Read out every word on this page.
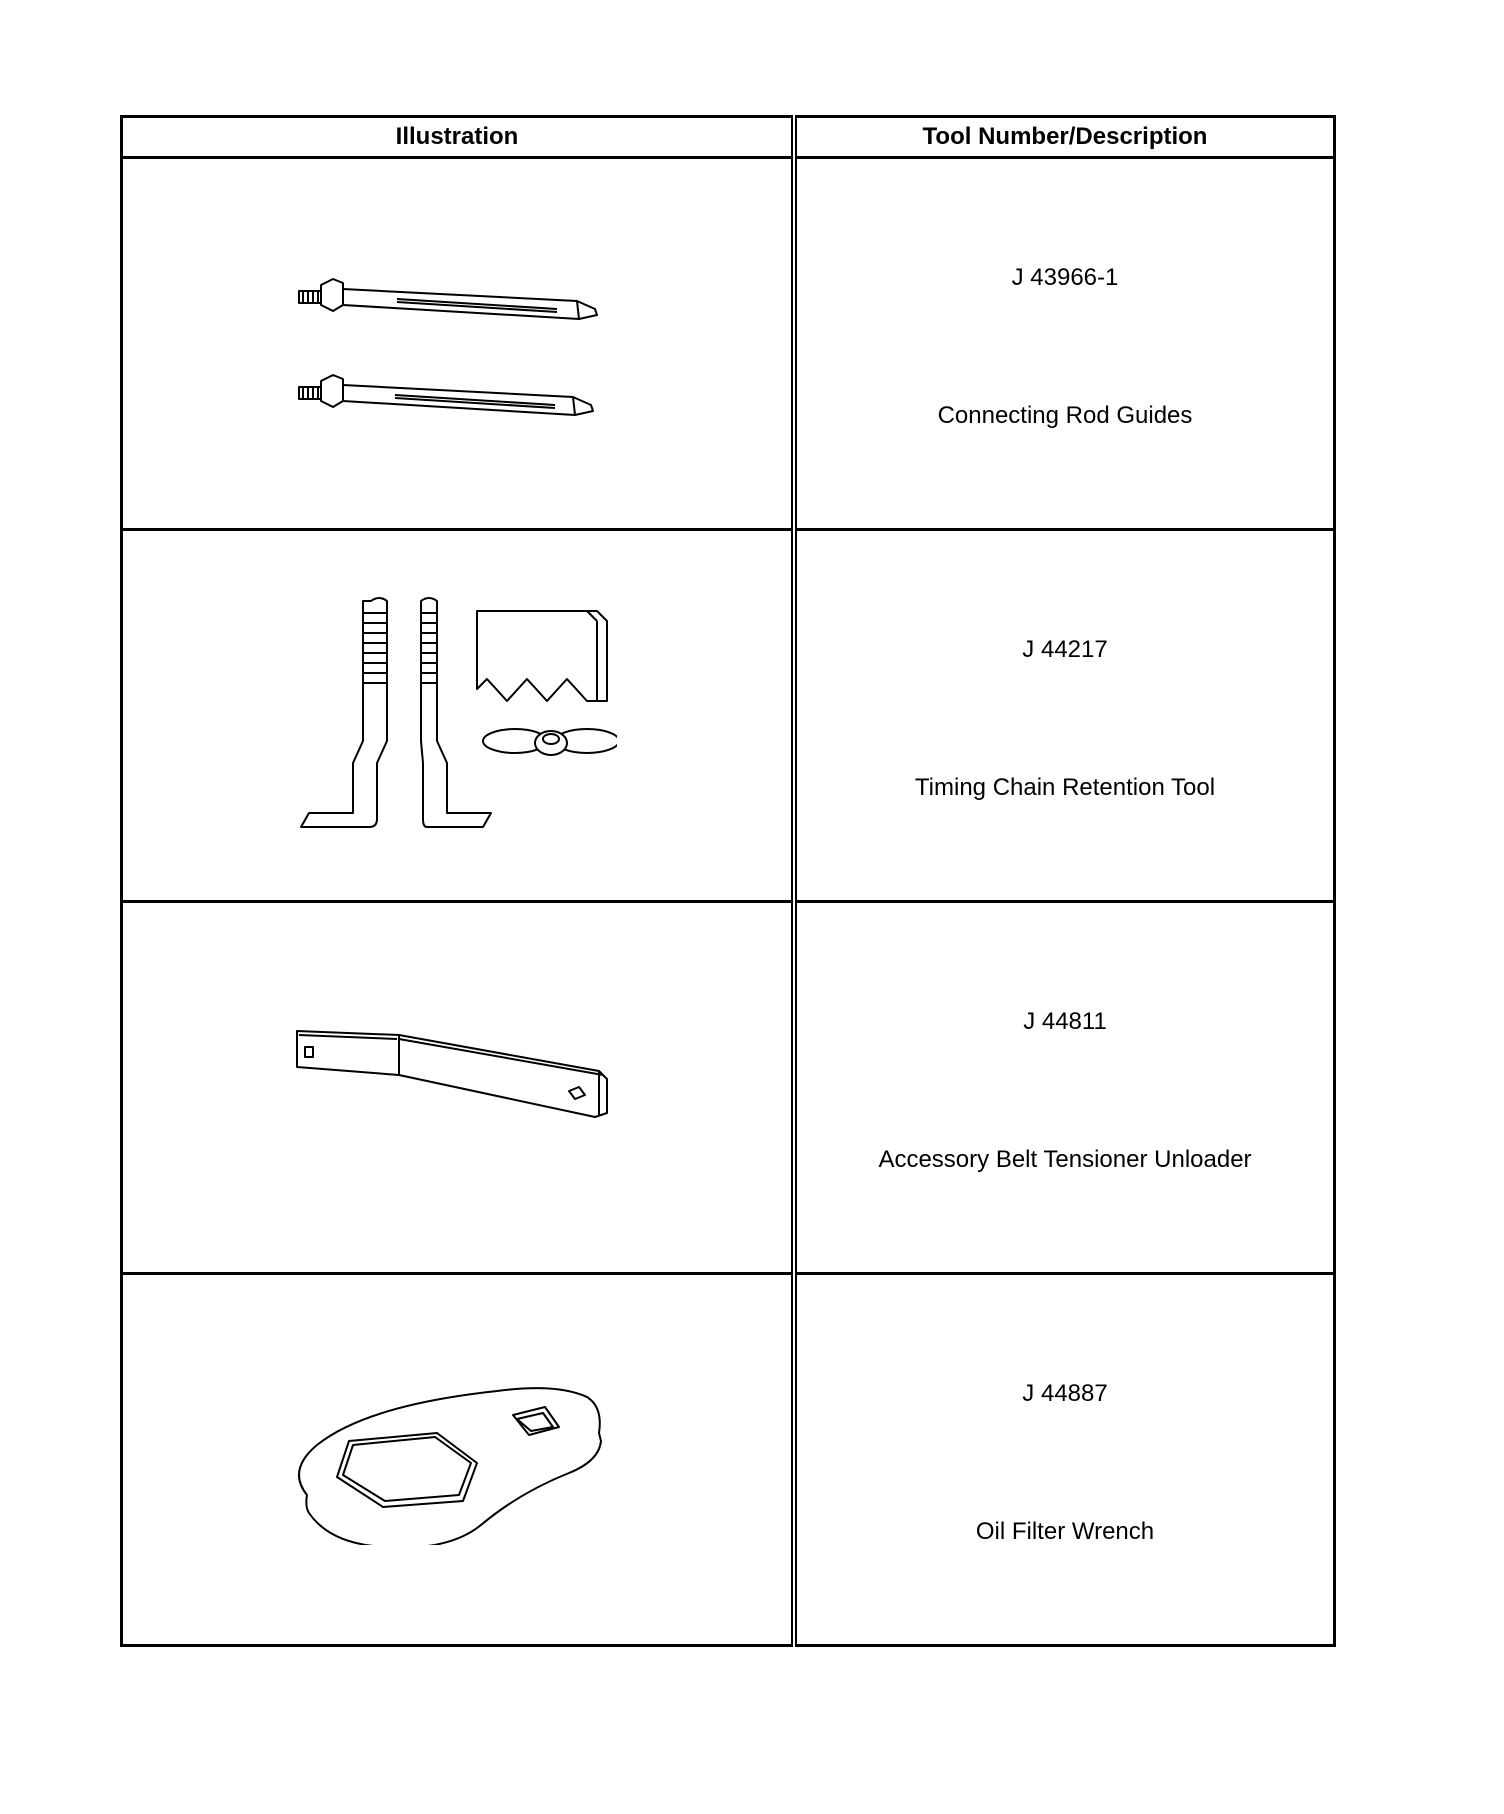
Illustration	Tool Number/Description

J 43966-1
Connecting Rod Guides

J 44217
Timing Chain Retention Tool

J 44811
Accessory Belt Tensioner Unloader

J 44887
Oil Filter Wrench
